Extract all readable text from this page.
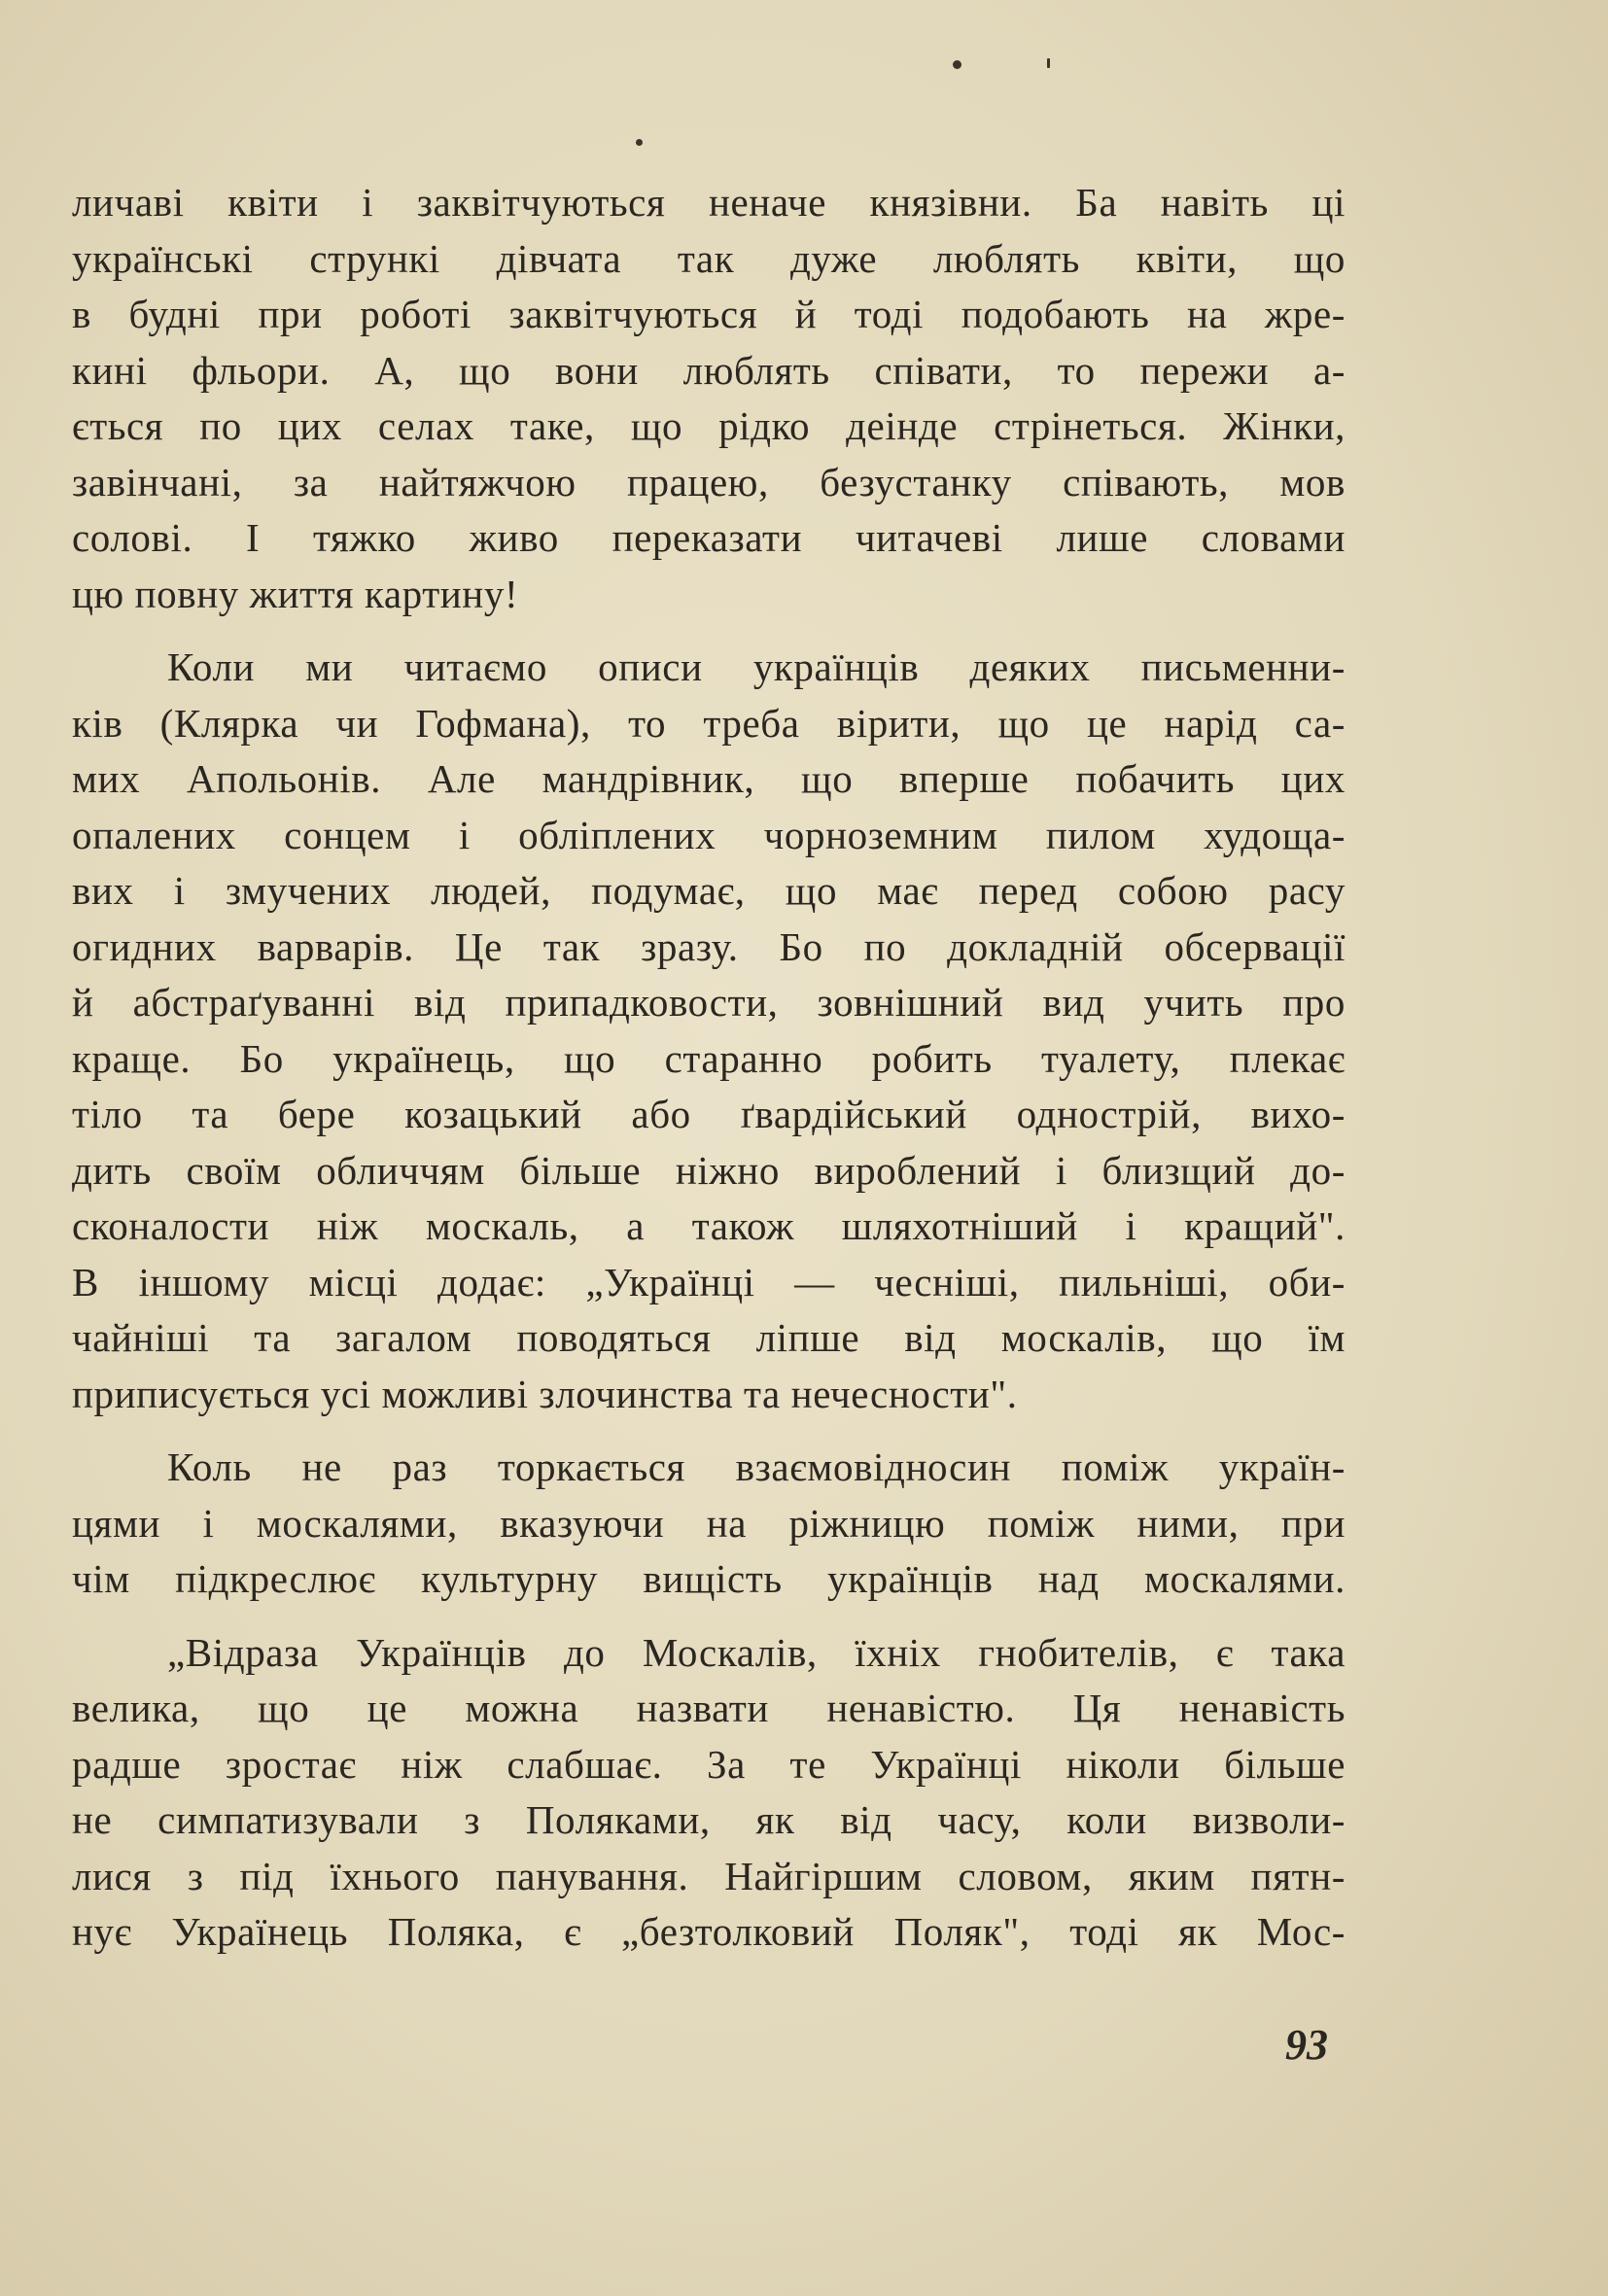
личаві квіти і заквітчуються неначе князівни. Ба навіть ці
українські стрункі дівчата так дуже люблять квіти, що
в будні при роботі заквітчуються й тоді подобають на жре-
кині фльори. А, що вони люблять співати, то пережи а-
ється по цих селах таке, що рідко деінде стрінеться. Жінки,
завінчані, за найтяжчою працею, безустанку співають, мов
солові. І тяжко живо переказати читачеві лише словами
цю повну життя картину!
Коли ми читаємо описи українців деяких письменни-
ків (Клярка чи Гофмана), то треба вірити, що це нарід са-
мих Апольонів. Але мандрівник, що вперше побачить цих
опалених сонцем і обліплених чорноземним пилом худоща-
вих і змучених людей, подумає, що має перед собою расу
огидних варварів. Це так зразу. Бо по докладній обсервації
й абстраґуванні від припадковости, зовнішний вид учить про
краще. Бо українець, що старанно робить туалету, плекає
тіло та бере козацький або ґвардійський однострій, вихо-
дить своїм обличчям більше ніжно вироблений і близщий до-
сконалости ніж москаль, а також шляхотніший і кращий".
В іншому місці додає: „Українці — чесніші, пильніші, оби-
чайніші та загалом поводяться ліпше від москалів, що їм
приписується усі можливі злочинства та нечесности".
Коль не раз торкається взаємовідносин поміж україн-
цями і москалями, вказуючи на ріжницю поміж ними, при
чім підкреслює культурну вищість українців над москалями.
„Відраза Українців до Москалів, їхніх гнобителів, є така
велика, що це можна назвати ненавістю. Ця ненавість
радше зростає ніж слабшає. За те Українці ніколи більше
не симпатизували з Поляками, як від часу, коли визволи-
лися з під їхнього панування. Найгіршим словом, яким пятн-
нує Українець Поляка, є „безтолковий Поляк", тоді як Мос-
93
